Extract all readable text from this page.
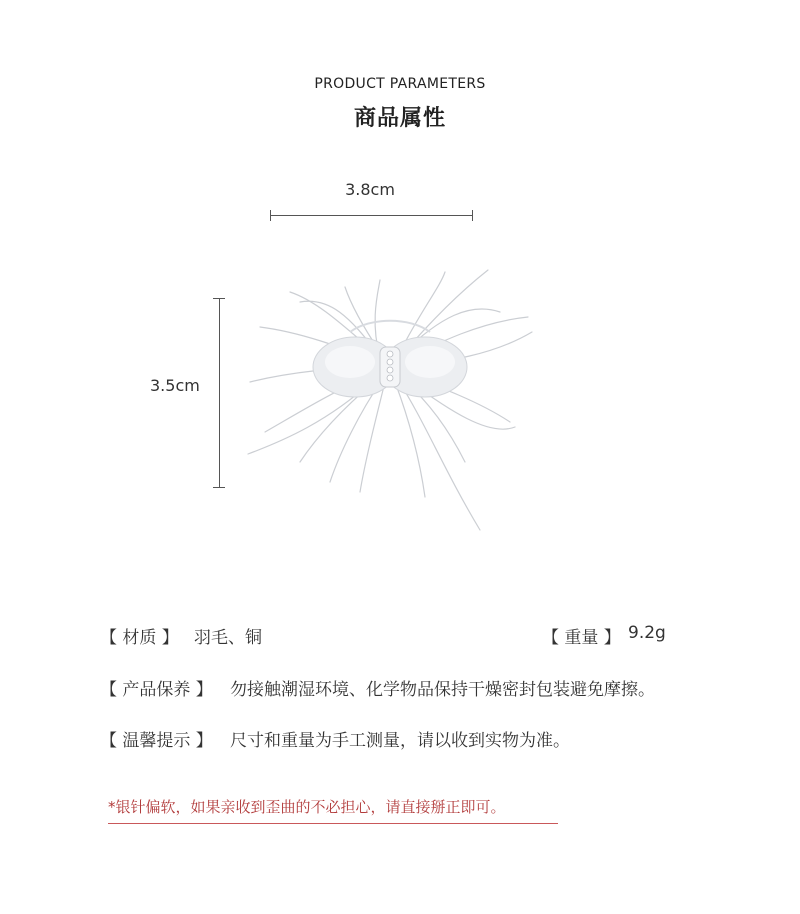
PRODUCT PARAMETERS
商品属性
3.8cm
3.5cm
【 材质 】 羽毛、铜	【 重量 】 9.2g
【 产品保养 】 勿接触潮湿环境、化学物品保持干燥密封包装避免摩擦。
【 温馨提示 】 尺寸和重量为手工测量，请以收到实物为准。
*银针偏软，如果亲收到歪曲的不必担心，请直接掰正即可。
